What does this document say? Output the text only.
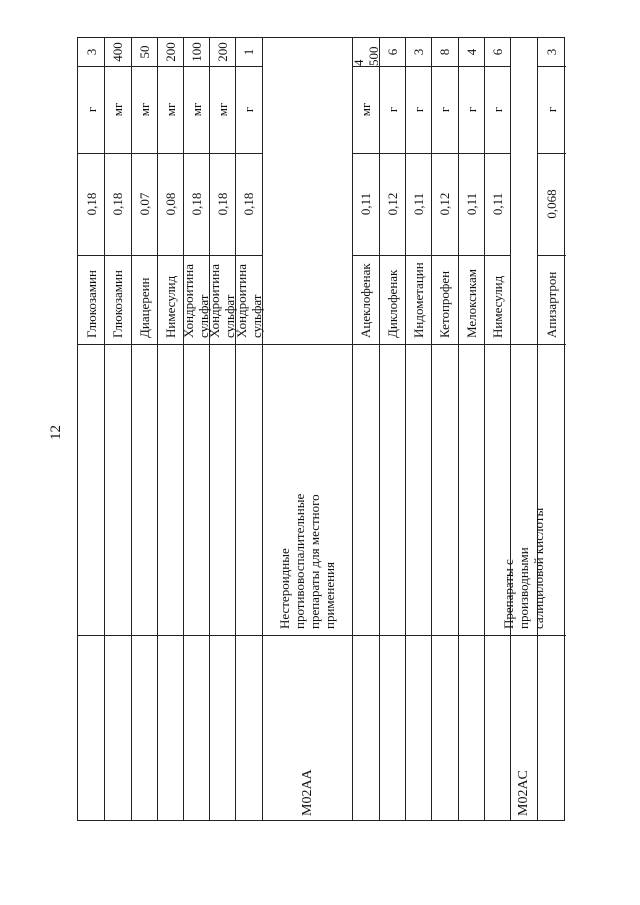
12
Глюкозамин
0,18
г
3
Глюкозамин
0,18
мг
400
Диацереин
0,07
мг
50
Нимесулид
0,08
мг
200
Хондроитина сульфат
0,18
мг
100
Хондроитина сульфат
0,18
мг
200
Хондроитина сульфат
0,18
г
1
M02AA
Нестероидные
противовоспалительные
препараты для местного
применения
Ацеклофенак
0,11
мг
4 500
Диклофенак
0,12
г
6
Индометацин
0,11
г
3
Кетопрофен
0,12
г
8
Мелоксикам
0,11
г
4
Нимесулид
0,11
г
6
M02AC
Препараты с
производными
салициловой кислоты
Апизартрон
0,068
г
3
